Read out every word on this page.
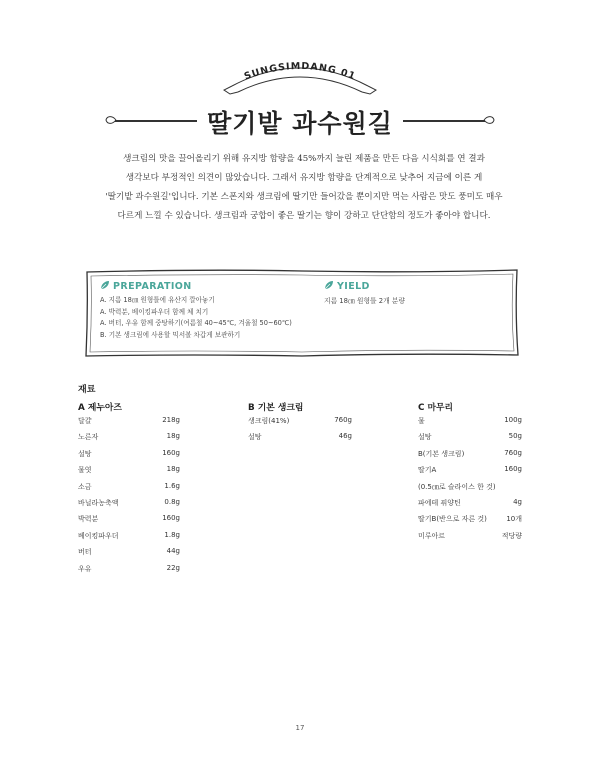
SUNGSIMDANG 01
딸기밭 과수원길
생크림의 맛을 끌어올리기 위해 유지방 함량을 45%까지 늘린 제품을 만든 다음 시식회를 연 결과
생각보다 부정적인 의견이 많았습니다. 그래서 유지방 함량을 단계적으로 낮추어 지금에 이른 게
'딸기밭 과수원길'입니다. 기본 스폰지와 생크림에 딸기만 들어갔을 뿐이지만 먹는 사람은 맛도 풍미도 매우
다르게 느낄 수 있습니다. 생크림과 궁합이 좋은 딸기는 향이 강하고 단단함의 정도가 좋아야 합니다.
PREPARATION
A. 지름 18㎝ 원형틀에 유산지 깔아놓기
A. 박력분, 베이킹파우더 함께 체 치기
A. 버터, 우유 함께 중탕하기(여름철 40~45℃, 겨울철 50~60℃)
B. 기본 생크림에 사용할 믹서볼 차갑게 보관하기
YIELD
지름 18㎝ 원형틀 2개 분량
재료
A 제누아즈
달걀	218g
노른자	18g
설탕	160g
물엿	18g
소금	1.6g
바닐라농축액	0.8g
박력분	160g
베이킹파우더	1.8g
버터	44g
우유	22g
B 기본 생크림
생크림(41%)	760g
설탕	46g
C 마무리
물	100g
설탕	50g
B(기본 생크림)	760g
딸기A	160g
(0.5㎝로 슬라이스 한 것)
파에테 퓌양틴	4g
딸기B(반으로 자른 것)	10개
미루아르	적당량
17
